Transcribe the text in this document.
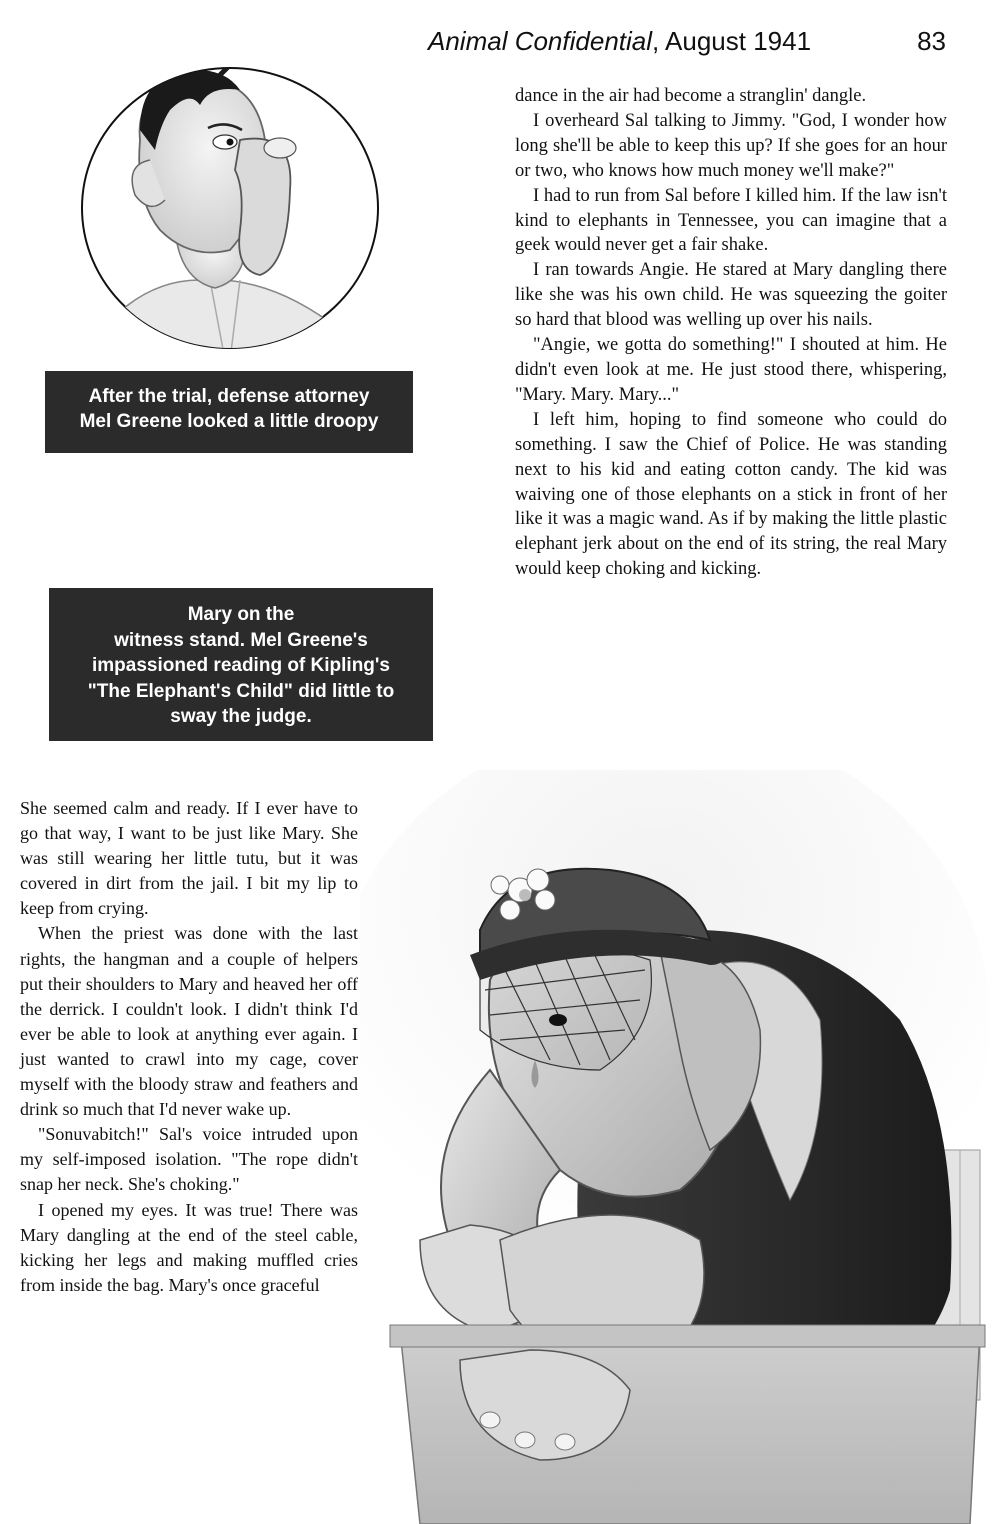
Animal Confidential, August 1941	83
After the trial, defense attorney
Mel Greene looked a little droopy
Mary on the
witness stand. Mel Greene's
impassioned reading of Kipling's
"The Elephant's Child" did little to
sway the judge.

dance in the air had become a stranglin' dangle.

I overheard Sal talking to Jimmy. "God, I wonder how long she'll be able to keep this up? If she goes for an hour or two, who knows how much money we'll make?"

I had to run from Sal before I killed him. If the law isn't kind to elephants in Tennessee, you can imagine that a geek would never get a fair shake.

I ran towards Angie. He stared at Mary dangling there like she was his own child. He was squeezing the goiter so hard that blood was welling up over his nails.

"Angie, we gotta do something!" I shouted at him. He didn't even look at me. He just stood there, whispering, "Mary. Mary. Mary..."

I left him, hoping to find someone who could do something. I saw the Chief of Police. He was standing next to his kid and eating cotton candy. The kid was waiving one of those elephants on a stick in front of her like it was a magic wand. As if by making the little plastic elephant jerk about on the end of its string, the real Mary would keep choking and kicking.

She seemed calm and ready. If I ever have to go that way, I want to be just like Mary. She was still wearing her little tutu, but it was covered in dirt from the jail. I bit my lip to keep from crying.

When the priest was done with the last rights, the hangman and a couple of helpers put their shoulders to Mary and heaved her off the derrick. I couldn't look. I didn't think I'd ever be able to look at anything ever again. I just wanted to crawl into my cage, cover myself with the bloody straw and feathers and drink so much that I'd never wake up.

"Sonuvabitch!" Sal's voice intruded upon my self-imposed isolation. "The rope didn't snap her neck. She's choking."

I opened my eyes. It was true! There was Mary dangling at the end of the steel cable, kicking her legs and making muffled cries from inside the bag. Mary's once graceful
